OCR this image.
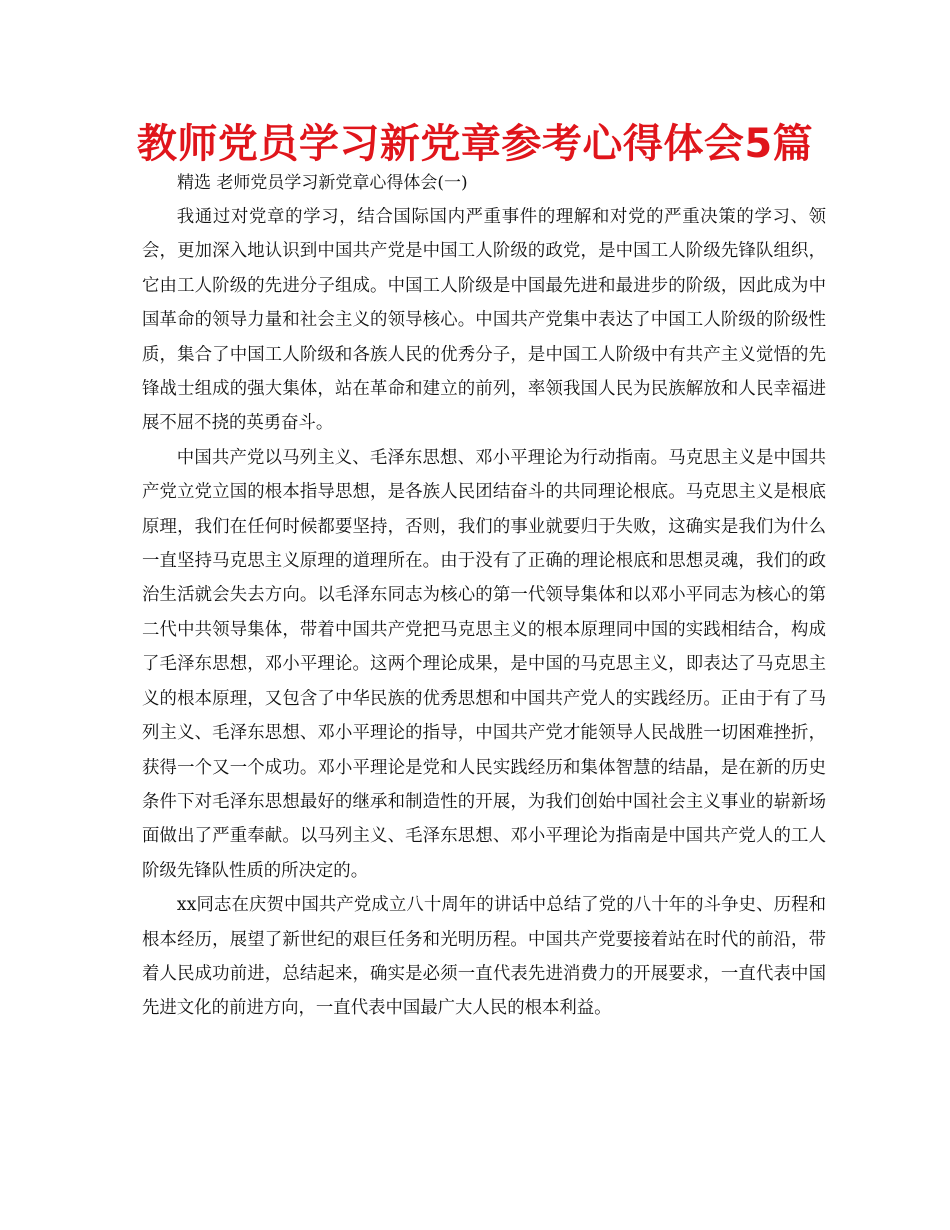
教师党员学习新党章参考心得体会5篇

精选 老师党员学习新党章心得体会(一)

我通过对党章的学习，结合国际国内严重事件的理解和对党的严重决策的学习、领会，更加深入地认识到中国共产党是中国工人阶级的政党，是中国工人阶级先锋队组织，它由工人阶级的先进分子组成。中国工人阶级是中国最先进和最进步的阶级，因此成为中国革命的领导力量和社会主义的领导核心。中国共产党集中表达了中国工人阶级的阶级性质，集合了中国工人阶级和各族人民的优秀分子，是中国工人阶级中有共产主义觉悟的先锋战士组成的强大集体，站在革命和建立的前列，率领我国人民为民族解放和人民幸福进展不屈不挠的英勇奋斗。

中国共产党以马列主义、毛泽东思想、邓小平理论为行动指南。马克思主义是中国共产党立党立国的根本指导思想，是各族人民团结奋斗的共同理论根底。马克思主义是根底原理，我们在任何时候都要坚持，否则，我们的事业就要归于失败，这确实是我们为什么一直坚持马克思主义原理的道理所在。由于没有了正确的理论根底和思想灵魂，我们的政治生活就会失去方向。以毛泽东同志为核心的第一代领导集体和以邓小平同志为核心的第二代中共领导集体，带着中国共产党把马克思主义的根本原理同中国的实践相结合，构成了毛泽东思想，邓小平理论。这两个理论成果，是中国的马克思主义，即表达了马克思主义的根本原理，又包含了中华民族的优秀思想和中国共产党人的实践经历。正由于有了马列主义、毛泽东思想、邓小平理论的指导，中国共产党才能领导人民战胜一切困难挫折，获得一个又一个成功。邓小平理论是党和人民实践经历和集体智慧的结晶，是在新的历史条件下对毛泽东思想最好的继承和制造性的开展，为我们创始中国社会主义事业的崭新场面做出了严重奉献。以马列主义、毛泽东思想、邓小平理论为指南是中国共产党人的工人阶级先锋队性质的所决定的。

xx同志在庆贺中国共产党成立八十周年的讲话中总结了党的八十年的斗争史、历程和根本经历，展望了新世纪的艰巨任务和光明历程。中国共产党要接着站在时代的前沿，带着人民成功前进，总结起来，确实是必须一直代表先进消费力的开展要求，一直代表中国先进文化的前进方向，一直代表中国最广大人民的根本利益。
